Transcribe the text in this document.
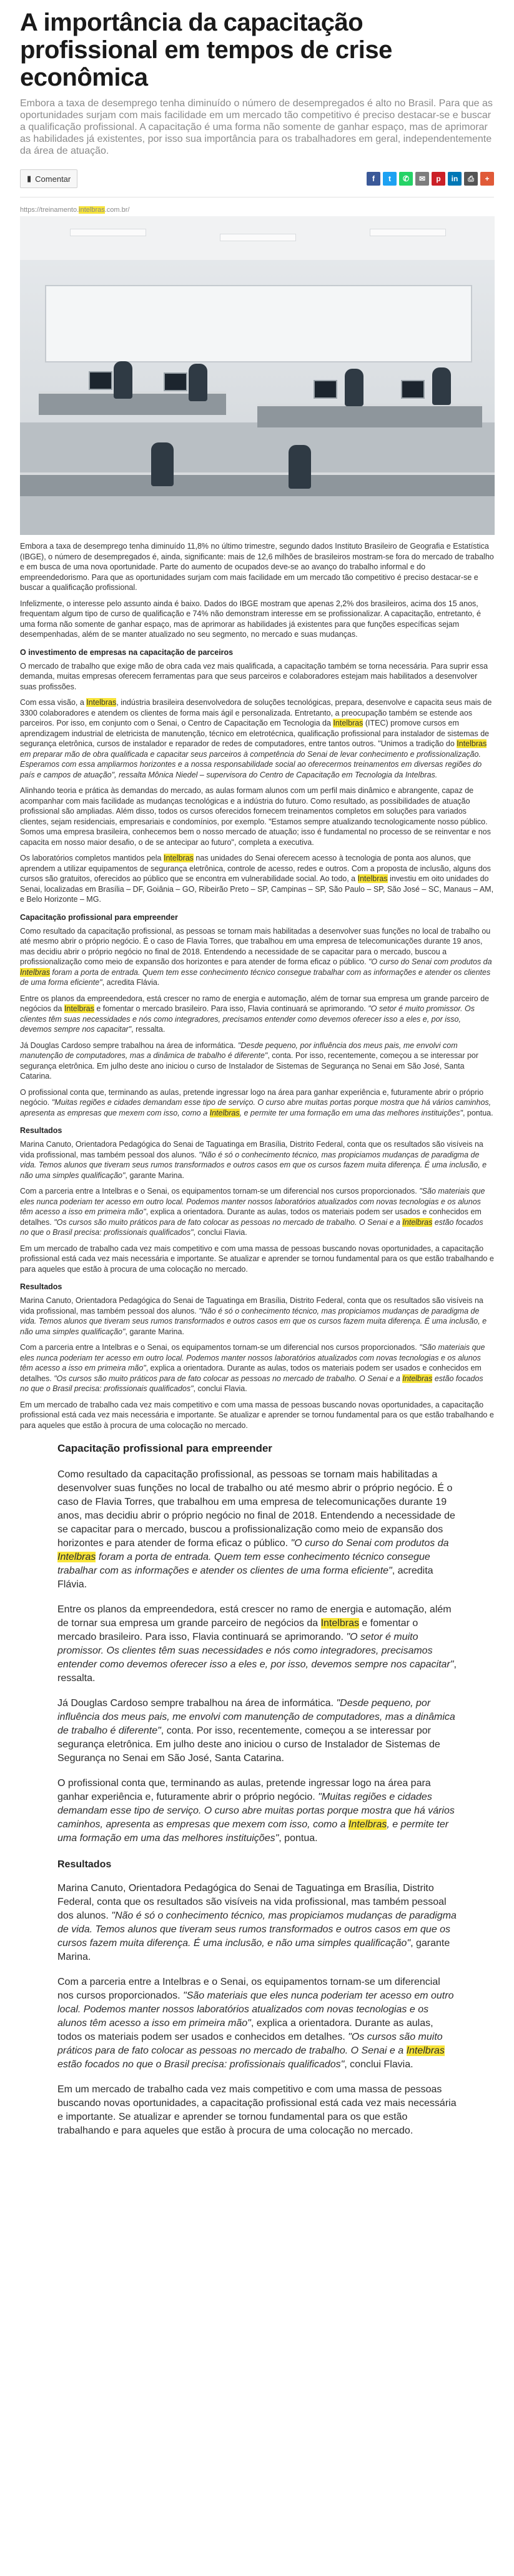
A importância da capacitação profissional em tempos de crise econômica

Embora a taxa de desemprego tenha diminuído o número de desempregados é alto no Brasil. Para que as oportunidades surjam com mais facilidade em um mercado tão competitivo é preciso destacar-se e buscar a qualificação profissional. A capacitação é uma forma não somente de ganhar espaço, mas de aprimorar as habilidades já existentes, por isso sua importância para os trabalhadores em geral, independentemente da área de atuação.

▮ Comentar	f	t	✆	✉	p	in	⎙	+
https://treinamento.intelbras.com.br/

Embora a taxa de desemprego tenha diminuído 11,8% no último trimestre, segundo dados Instituto Brasileiro de Geografia e Estatística (IBGE), o número de desempregados é, ainda, significante: mais de 12,6 milhões de brasileiros mostram-se fora do mercado de trabalho e em busca de uma nova oportunidade. Parte do aumento de ocupados deve-se ao avanço do trabalho informal e do empreendedorismo. Para que as oportunidades surjam com mais facilidade em um mercado tão competitivo é preciso destacar-se e buscar a qualificação profissional.

Infelizmente, o interesse pelo assunto ainda é baixo. Dados do IBGE mostram que apenas 2,2% dos brasileiros, acima dos 15 anos, frequentam algum tipo de curso de qualificação e 74% não demonstram interesse em se profissionalizar. A capacitação, entretanto, é uma forma não somente de ganhar espaço, mas de aprimorar as habilidades já existentes para que funções específicas sejam desempenhadas, além de se manter atualizado no seu segmento, no mercado e suas mudanças.

O investimento de empresas na capacitação de parceiros

O mercado de trabalho que exige mão de obra cada vez mais qualificada, a capacitação também se torna necessária. Para suprir essa demanda, muitas empresas oferecem ferramentas para que seus parceiros e colaboradores estejam mais habilitados a desenvolver suas profissões.

Com essa visão, a Intelbras, indústria brasileira desenvolvedora de soluções tecnológicas, prepara, desenvolve e capacita seus mais de 3300 colaboradores e atendem os clientes de forma mais ágil e personalizada. Entretanto, a preocupação também se estende aos parceiros. Por isso, em conjunto com o Senai, o Centro de Capacitação em Tecnologia da Intelbras (ITEC) promove cursos em aprendizagem industrial de eletricista de manutenção, técnico em eletrotécnica, qualificação profissional para instalador de sistemas de segurança eletrônica, cursos de instalador e reparador de redes de computadores, entre tantos outros. "Unimos a tradição do Intelbras em preparar mão de obra qualificada e capacitar seus parceiros à competência do Senai de levar conhecimento e profissionalização. Esperamos com essa ampliarmos horizontes e a nossa responsabilidade social ao oferecermos treinamentos em diversas regiões do país e campos de atuação", ressalta Mônica Niedel – supervisora do Centro de Capacitação em Tecnologia da Intelbras.

Alinhando teoria e prática às demandas do mercado, as aulas formam alunos com um perfil mais dinâmico e abrangente, capaz de acompanhar com mais facilidade as mudanças tecnológicas e a indústria do futuro. Como resultado, as possibilidades de atuação profissional são ampliadas. Além disso, todos os cursos oferecidos fornecem treinamentos completos em soluções para variados clientes, sejam residenciais, empresariais e condomínios, por exemplo. "Estamos sempre atualizando tecnologicamente nosso público. Somos uma empresa brasileira, conhecemos bem o nosso mercado de atuação; isso é fundamental no processo de se reinventar e nos capacita em nosso maior desafio, o de se antecipar ao futuro", completa a executiva.

Os laboratórios completos mantidos pela Intelbras nas unidades do Senai oferecem acesso à tecnologia de ponta aos alunos, que aprendem a utilizar equipamentos de segurança eletrônica, controle de acesso, redes e outros. Com a proposta de inclusão, alguns dos cursos são gratuitos, oferecidos ao público que se encontra em vulnerabilidade social. Ao todo, a Intelbras investiu em oito unidades do Senai, localizadas em Brasília – DF, Goiânia – GO, Ribeirão Preto – SP, Campinas – SP, São Paulo – SP, São José – SC, Manaus – AM, e Belo Horizonte – MG.

Capacitação profissional para empreender

Como resultado da capacitação profissional, as pessoas se tornam mais habilitadas a desenvolver suas funções no local de trabalho ou até mesmo abrir o próprio negócio. É o caso de Flavia Torres, que trabalhou em uma empresa de telecomunicações durante 19 anos, mas decidiu abrir o próprio negócio no final de 2018. Entendendo a necessidade de se capacitar para o mercado, buscou a profissionalização como meio de expansão dos horizontes e para atender de forma eficaz o público. "O curso do Senai com produtos da Intelbras foram a porta de entrada. Quem tem esse conhecimento técnico consegue trabalhar com as informações e atender os clientes de uma forma eficiente", acredita Flávia.

Entre os planos da empreendedora, está crescer no ramo de energia e automação, além de tornar sua empresa um grande parceiro de negócios da Intelbras e fomentar o mercado brasileiro. Para isso, Flavia continuará se aprimorando. "O setor é muito promissor. Os clientes têm suas necessidades e nós como integradores, precisamos entender como devemos oferecer isso a eles e, por isso, devemos sempre nos capacitar", ressalta.

Já Douglas Cardoso sempre trabalhou na área de informática. "Desde pequeno, por influência dos meus pais, me envolvi com manutenção de computadores, mas a dinâmica de trabalho é diferente", conta. Por isso, recentemente, começou a se interessar por segurança eletrônica. Em julho deste ano iniciou o curso de Instalador de Sistemas de Segurança no Senai em São José, Santa Catarina.

O profissional conta que, terminando as aulas, pretende ingressar logo na área para ganhar experiência e, futuramente abrir o próprio negócio. "Muitas regiões e cidades demandam esse tipo de serviço. O curso abre muitas portas porque mostra que há vários caminhos, apresenta as empresas que mexem com isso, como a Intelbras, e permite ter uma formação em uma das melhores instituições", pontua.

Resultados

Marina Canuto, Orientadora Pedagógica do Senai de Taguatinga em Brasília, Distrito Federal, conta que os resultados são visíveis na vida profissional, mas também pessoal dos alunos. "Não é só o conhecimento técnico, mas propiciamos mudanças de paradigma de vida. Temos alunos que tiveram seus rumos transformados e outros casos em que os cursos fazem muita diferença. É uma inclusão, e não uma simples qualificação", garante Marina.

Com a parceria entre a Intelbras e o Senai, os equipamentos tornam-se um diferencial nos cursos proporcionados. "São materiais que eles nunca poderiam ter acesso em outro local. Podemos manter nossos laboratórios atualizados com novas tecnologias e os alunos têm acesso a isso em primeira mão", explica a orientadora. Durante as aulas, todos os materiais podem ser usados e conhecidos em detalhes. "Os cursos são muito práticos para de fato colocar as pessoas no mercado de trabalho. O Senai e a Intelbras estão focados no que o Brasil precisa: profissionais qualificados", conclui Flavia.

Em um mercado de trabalho cada vez mais competitivo e com uma massa de pessoas buscando novas oportunidades, a capacitação profissional está cada vez mais necessária e importante. Se atualizar e aprender se tornou fundamental para os que estão trabalhando e para aqueles que estão à procura de uma colocação no mercado.

Resultados

Marina Canuto, Orientadora Pedagógica do Senai de Taguatinga em Brasília, Distrito Federal, conta que os resultados são visíveis na vida profissional, mas também pessoal dos alunos. "Não é só o conhecimento técnico, mas propiciamos mudanças de paradigma de vida. Temos alunos que tiveram seus rumos transformados e outros casos em que os cursos fazem muita diferença. É uma inclusão, e não uma simples qualificação", garante Marina.

Com a parceria entre a Intelbras e o Senai, os equipamentos tornam-se um diferencial nos cursos proporcionados. "São materiais que eles nunca poderiam ter acesso em outro local. Podemos manter nossos laboratórios atualizados com novas tecnologias e os alunos têm acesso a isso em primeira mão", explica a orientadora. Durante as aulas, todos os materiais podem ser usados e conhecidos em detalhes. "Os cursos são muito práticos para de fato colocar as pessoas no mercado de trabalho. O Senai e a Intelbras estão focados no que o Brasil precisa: profissionais qualificados", conclui Flavia.

Em um mercado de trabalho cada vez mais competitivo e com uma massa de pessoas buscando novas oportunidades, a capacitação profissional está cada vez mais necessária e importante. Se atualizar e aprender se tornou fundamental para os que estão trabalhando e para aqueles que estão à procura de uma colocação no mercado.

Capacitação profissional para empreender

Como resultado da capacitação profissional, as pessoas se tornam mais habilitadas a desenvolver suas funções no local de trabalho ou até mesmo abrir o próprio negócio. É o caso de Flavia Torres, que trabalhou em uma empresa de telecomunicações durante 19 anos, mas decidiu abrir o próprio negócio no final de 2018. Entendendo a necessidade de se capacitar para o mercado, buscou a profissionalização como meio de expansão dos horizontes e para atender de forma eficaz o público. "O curso do Senai com produtos da Intelbras foram a porta de entrada. Quem tem esse conhecimento técnico consegue trabalhar com as informações e atender os clientes de uma forma eficiente", acredita Flávia.

Entre os planos da empreendedora, está crescer no ramo de energia e automação, além de tornar sua empresa um grande parceiro de negócios da Intelbras e fomentar o mercado brasileiro. Para isso, Flavia continuará se aprimorando. "O setor é muito promissor. Os clientes têm suas necessidades e nós como integradores, precisamos entender como devemos oferecer isso a eles e, por isso, devemos sempre nos capacitar", ressalta.

Já Douglas Cardoso sempre trabalhou na área de informática. "Desde pequeno, por influência dos meus pais, me envolvi com manutenção de computadores, mas a dinâmica de trabalho é diferente", conta. Por isso, recentemente, começou a se interessar por segurança eletrônica. Em julho deste ano iniciou o curso de Instalador de Sistemas de Segurança no Senai em São José, Santa Catarina.

O profissional conta que, terminando as aulas, pretende ingressar logo na área para ganhar experiência e, futuramente abrir o próprio negócio. "Muitas regiões e cidades demandam esse tipo de serviço. O curso abre muitas portas porque mostra que há vários caminhos, apresenta as empresas que mexem com isso, como a Intelbras, e permite ter uma formação em uma das melhores instituições", pontua.

Resultados

Marina Canuto, Orientadora Pedagógica do Senai de Taguatinga em Brasília, Distrito Federal, conta que os resultados são visíveis na vida profissional, mas também pessoal dos alunos. "Não é só o conhecimento técnico, mas propiciamos mudanças de paradigma de vida. Temos alunos que tiveram seus rumos transformados e outros casos em que os cursos fazem muita diferença. É uma inclusão, e não uma simples qualificação", garante Marina.

Com a parceria entre a Intelbras e o Senai, os equipamentos tornam-se um diferencial nos cursos proporcionados. "São materiais que eles nunca poderiam ter acesso em outro local. Podemos manter nossos laboratórios atualizados com novas tecnologias e os alunos têm acesso a isso em primeira mão", explica a orientadora. Durante as aulas, todos os materiais podem ser usados e conhecidos em detalhes. "Os cursos são muito práticos para de fato colocar as pessoas no mercado de trabalho. O Senai e a Intelbras estão focados no que o Brasil precisa: profissionais qualificados", conclui Flavia.

Em um mercado de trabalho cada vez mais competitivo e com uma massa de pessoas buscando novas oportunidades, a capacitação profissional está cada vez mais necessária e importante. Se atualizar e aprender se tornou fundamental para os que estão trabalhando e para aqueles que estão à procura de uma colocação no mercado.
